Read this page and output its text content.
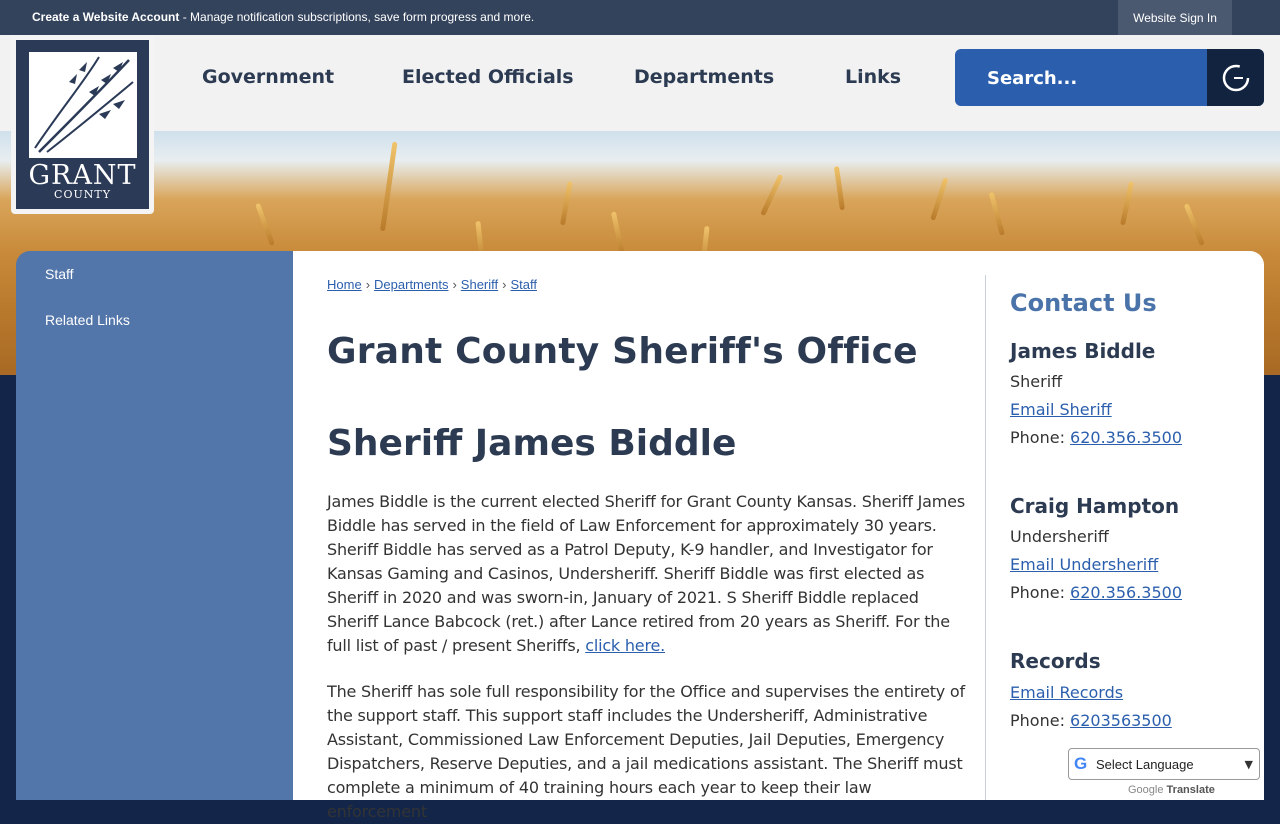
Create a Website Account - Manage notification subscriptions, save form progress and more.	Website Sign In
Government	Elected Officials	Departments	Links	Search...
GRANT
COUNTY
Staff
Related Links
Home › Departments › Sheriff › Staff
Grant County Sheriff's Office
Sheriff James Biddle
James Biddle is the current elected Sheriff for Grant County Kansas. Sheriff James Biddle has served in the field of Law Enforcement for approximately 30 years. Sheriff Biddle has served as a Patrol Deputy, K-9 handler, and Investigator for Kansas Gaming and Casinos, Undersheriff. Sheriff Biddle was first elected as Sheriff in 2020 and was sworn-in, January of 2021. S Sheriff Biddle replaced Sheriff Lance Babcock (ret.) after Lance retired from 20 years as Sheriff. For the full list of past / present Sheriffs, click here.
The Sheriff has sole full responsibility for the Office and supervises the entirety of the support staff. This support staff includes the Undersheriff, Administrative Assistant, Commissioned Law Enforcement Deputies, Jail Deputies, Emergency Dispatchers, Reserve Deputies, and a jail medications assistant. The Sheriff must complete a minimum of 40 training hours each year to keep their law enforcement
Contact Us
James Biddle
Sheriff
Email Sheriff
Phone: 620.356.3500
Craig Hampton
Undersheriff
Email Undersheriff
Phone: 620.356.3500
Records
Email Records
Phone: 6203563500
G Select Language	▼
Google Translate
